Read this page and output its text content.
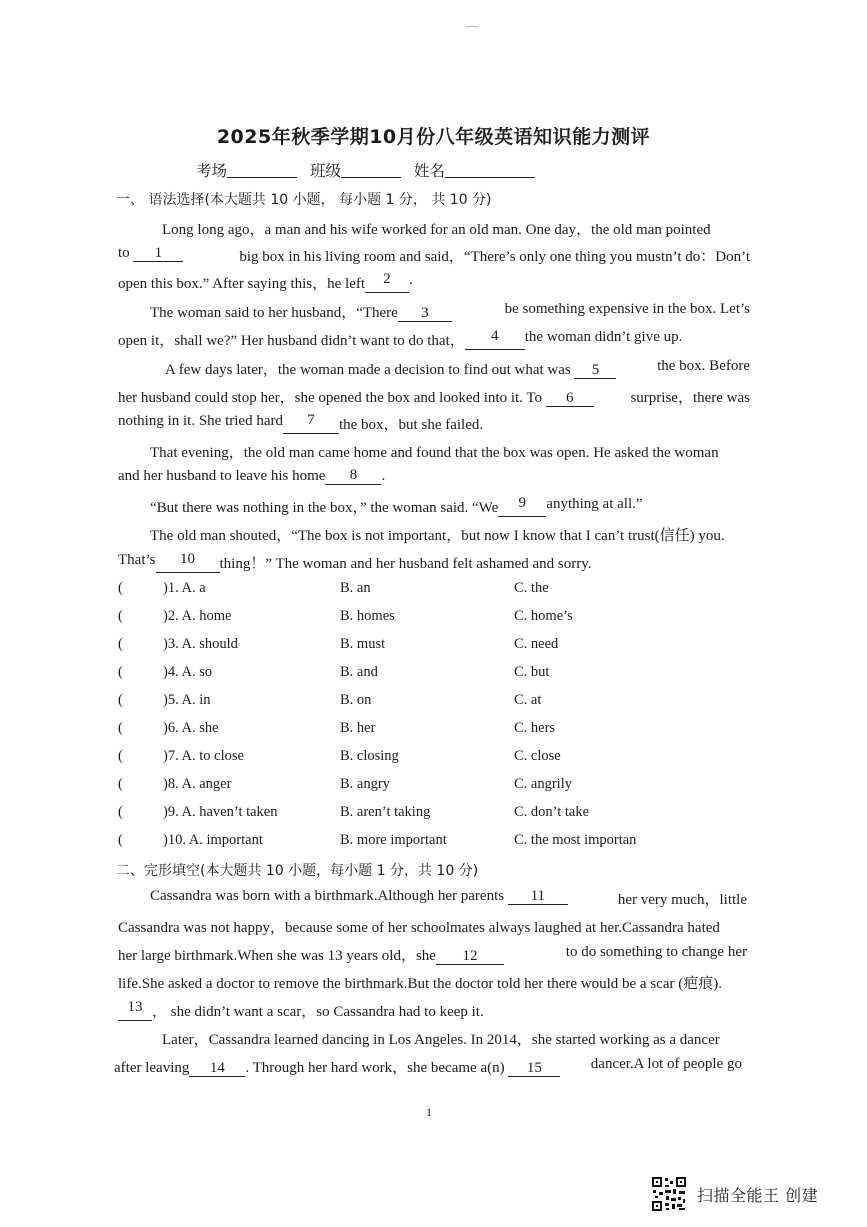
2025年秋季学期10月份八年级英语知识能力测评
考场	班级	姓名
一、 语法选择(本大题共 10 小题， 每小题 1 分， 共 10 分)
Long long ago，a man and his wife worked for an old man. One day，the old man pointed
to 1	big box in his living room and said，“There’s only one thing you mustn’t do：Don’t
open this box.” After saying this，he left	2	.
The woman said to her husband，“There 3	be something expensive in the box. Let’s
open it，shall we?” Her husband didn’t want to do that，	4	the woman didn’t give up.
A few days later，the woman made a decision to find out what was 5	the box. Before
her husband could stop her，she opened the box and looked into it. To 6	surprise，there was
nothing in it. She tried hard	7	the box，but she failed.
That evening，the old man came home and found that the box was open. He asked the woman
and her husband to leave his home	8	.
“But there was nothing in the box，” the woman said. “We	9	anything at all.”
The old man shouted，“The box is not important，but now I know that I can’t trust(信任) you.
That’s	10	thing！” The woman and her husband felt ashamed and sorry.
(	)1. A. a	B. an	C. the
(	)2. A. home	B. homes	C. home’s
(	)3. A. should	B. must	C. need
(	)4. A. so	B. and	C. but
(	)5. A. in	B. on	C. at
(	)6. A. she	B. her	C. hers
(	)7. A. to close	B. closing	C. close
(	)8. A. anger	B. angry	C. angrily
(	)9. A. haven’t taken	B. aren’t taking	C. don’t take
(	)10. A. important	B. more important	C. the most importan
二、完形填空(本大题共 10 小题，每小题 1 分，共 10 分)
Cassandra was born with a birthmark.Although her parents 11	her very much，little
Cassandra was not happy，because some of her schoolmates always laughed at her.Cassandra hated
her large birthmark.When she was 13 years old，she 12	to do something to change her
life.She asked a doctor to remove the birthmark.But the doctor told her there would be a scar (疤痕).
13 ， she didn’t want a scar，so Cassandra had to keep it.
Later，Cassandra learned dancing in Los Angeles. In 2014，she started working as a dancer
after leaving 14 . Through her hard work，she became a(n) 15	dancer.A lot of people go
1
扫描全能王 创建
